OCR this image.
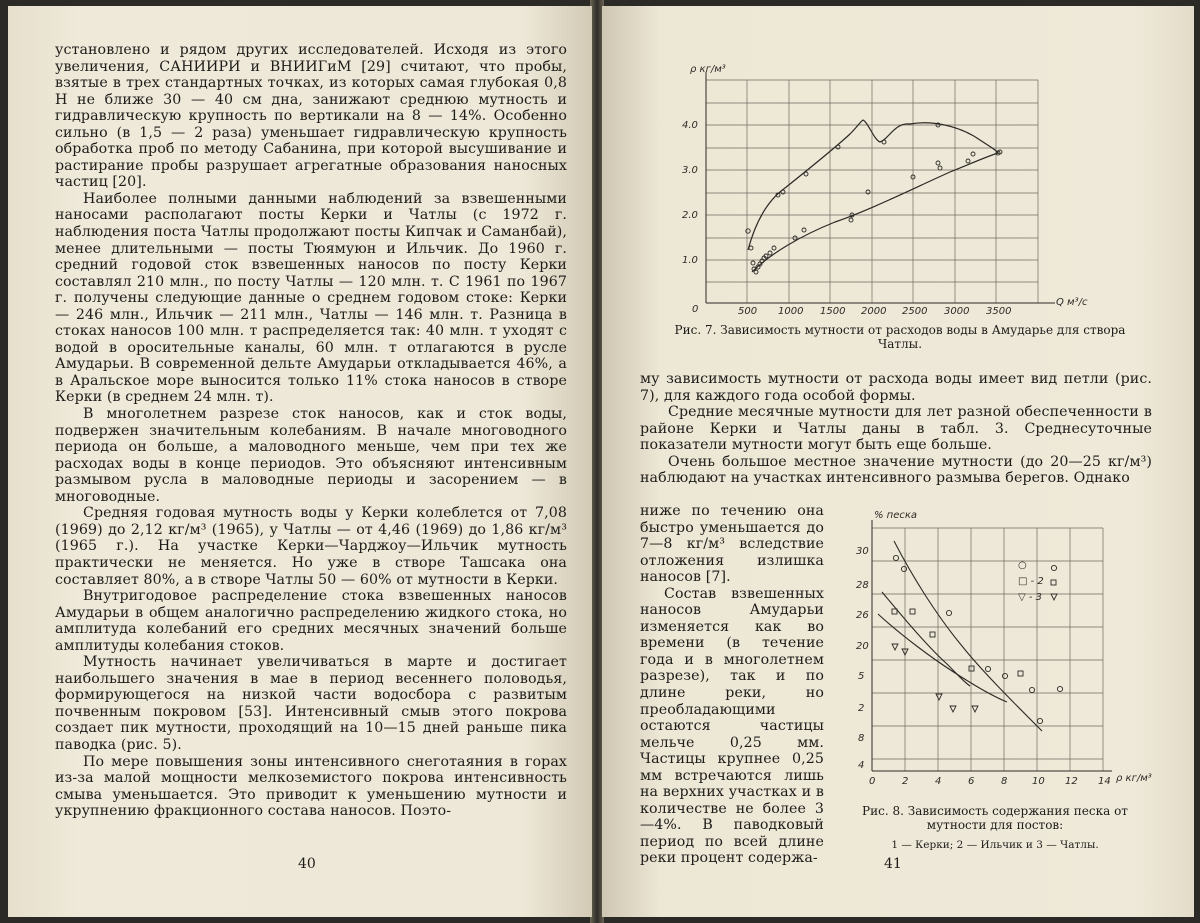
установлено и рядом других исследователей. Исходя из этого увеличения, САНИИРИ и ВНИИГиМ [29] считают, что пробы, взятые в трех стандартных точках, из которых самая глубокая 0,8 Н не ближе 30 — 40 см дна, занижают среднюю мутность и гидравлическую крупность по вертикали на 8 — 14%. Особенно сильно (в 1,5 — 2 раза) уменьшает гидравлическую крупность обработка проб по методу Сабанина, при которой высушивание и растирание пробы разрушает агрегатные образования наносных частиц [20].

Наиболее полными данными наблюдений за взвешенными наносами располагают посты Керки и Чатлы (с 1972 г. наблюдения поста Чатлы продолжают посты Кипчак и Саманбай), менее длительными — посты Тюямуюн и Ильчик. До 1960 г. средний годовой сток взвешенных наносов по посту Керки составлял 210 млн., по посту Чатлы — 120 млн. т. С 1961 по 1967 г. получены следующие данные о среднем годовом стоке: Керки — 246 млн., Ильчик — 211 млн., Чатлы — 146 млн. т. Разница в стоках наносов 100 млн. т распределяется так: 40 млн. т уходят с водой в оросительные каналы, 60 млн. т отлагаются в русле Амударьи. В современной дельте Амударьи откладывается 46%, а в Аральское море выносится только 11% стока наносов в створе Керки (в среднем 24 млн. т).

В многолетнем разрезе сток наносов, как и сток воды, подвержен значительным колебаниям. В начале многоводного периода он больше, а маловодного меньше, чем при тех же расходах воды в конце периодов. Это объясняют интенсивным размывом русла в маловодные периоды и засорением — в многоводные.

Средняя годовая мутность воды у Керки колеблется от 7,08 (1969) до 2,12 кг/м³ (1965), у Чатлы — от 4,46 (1969) до 1,86 кг/м³ (1965 г.). На участке Керки—Чарджоу—Ильчик мутность практически не меняется. Но уже в створе Ташсака она составляет 80%, а в створе Чатлы 50 — 60% от мутности в Керки.

Внутригодовое распределение стока взвешенных наносов Амударьи в общем аналогично распределению жидкого стока, но амплитуда колебаний его средних месячных значений больше амплитуды колебания стоков.

Мутность начинает увеличиваться в марте и достигает наибольшего значения в мае в период весеннего половодья, формирующегося на низкой части водосбора с развитым почвенным покровом [53]. Интенсивный смыв этого покрова создает пик мутности, проходящий на 10—15 дней раньше пика паводка (рис. 5).

По мере повышения зоны интенсивного снеготаяния в горах из-за малой мощности мелкоземистого покрова интенсивность смыва уменьшается. Это приводит к уменьшению мутности и укрупнению фракционного состава наносов. Поэто-

40
1.0
2.0
3.0
4.0
ρ кг/м³
0	500 1000 1500 2000 2500 3000 3500
Q м³/с
Рис. 7. Зависимость мутности от расходов воды в Амударье для створа Чатлы.

му зависимость мутности от расхода воды имеет вид петли (рис. 7), для каждого года особой формы.

Средние месячные мутности для лет разной обеспеченности в районе Керки и Чатлы даны в табл. 3. Среднесуточные показатели мутности могут быть еще больше.

Очень большое местное значение мутности (до 20—25 кг/м³) наблюдают на участках интенсивного размыва берегов. Однако

ниже по течению она быстро уменьшается до 7—8 кг/м³ вследствие отложения излишка наносов [7].

Состав взвешенных наносов Амударьи изменяется как во времени (в течение года и в многолетнем разрезе), так и по длине реки, но преобладающими остаются частицы мельче 0,25 мм. Частицы крупнее 0,25 мм встречаются лишь на верхних участках и в количестве не более 3—4%. В паводковый период по всей длине реки процент содержа-

30
28
26
20
5
2
8
4
% песка
0	2	4	6	8 10 12 14 ρ кг/м³
○
□ - 2
▽ - 3
Рис. 8. Зависимость содержания песка от мутности для постов:
1 — Керки; 2 — Ильчик и 3 — Чатлы.
41
